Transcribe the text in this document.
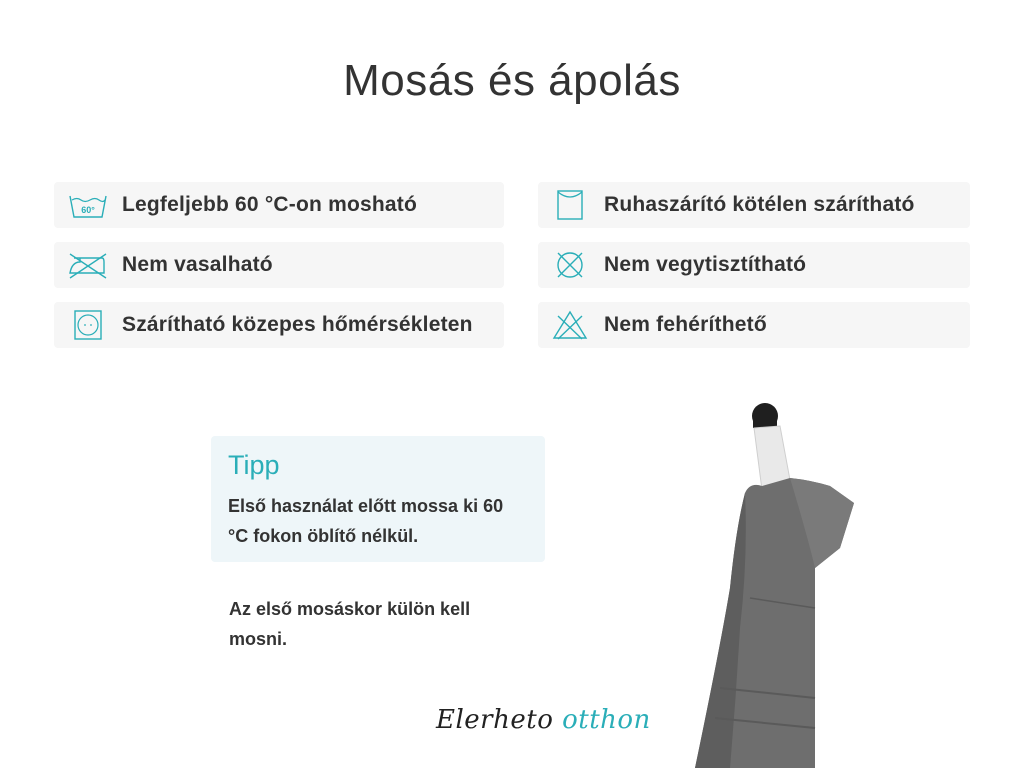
Mosás és ápolás
60° Legfeljebb 60 °C-on mosható
Nem vasalható
Szárítható közepes hőmérsékleten
Ruhaszárító kötélen szárítható
Nem vegytisztítható
Nem fehéríthető
Tipp
Első használat előtt mossa ki 60 °C fokon öblítő nélkül.
Az első mosáskor külön kell mosni.
Elerheto otthon
